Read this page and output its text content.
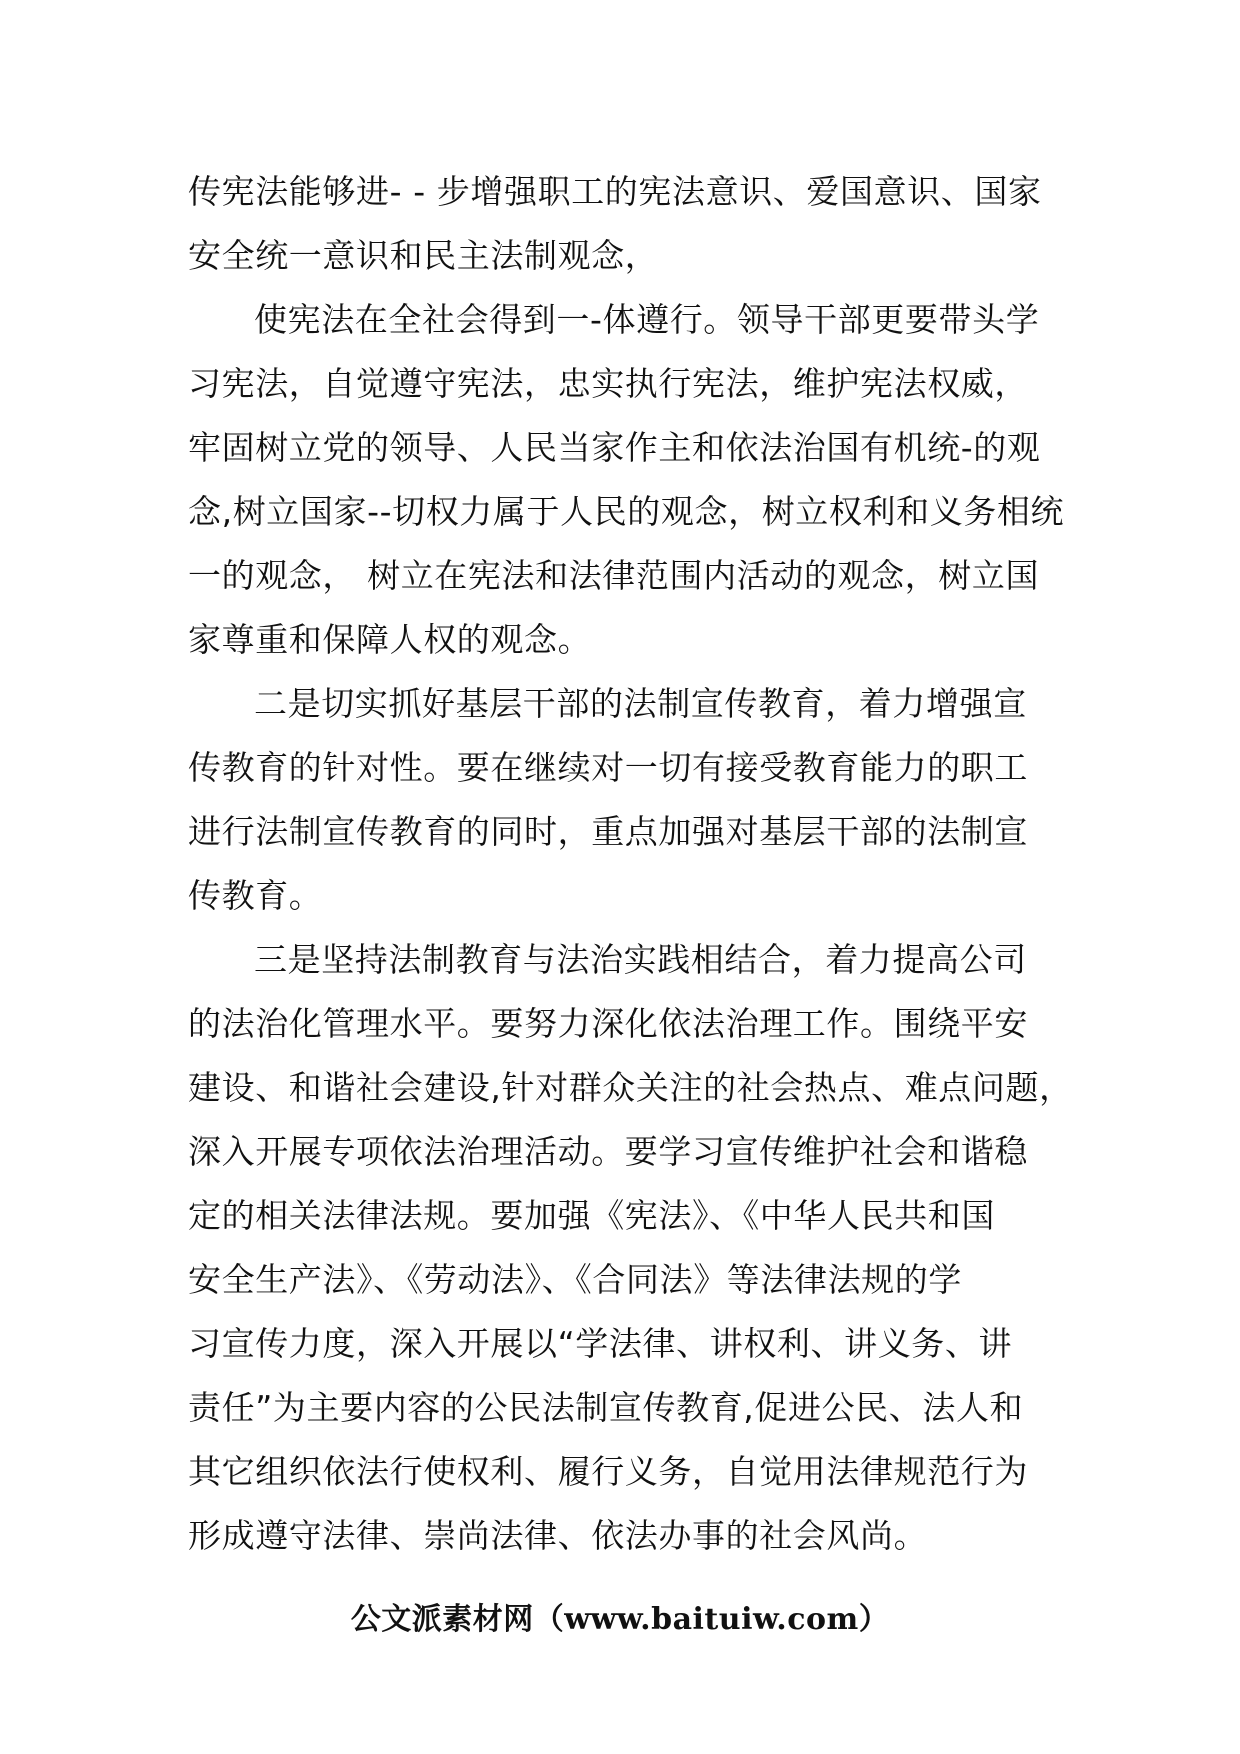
传宪法能够进- - 步增强职工的宪法意识、爱国意识、国家
安全统一意识和民主法制观念，
使宪法在全社会得到一-体遵行。领导干部更要带头学
习宪法，自觉遵守宪法，忠实执行宪法，维护宪法权威，
牢固树立党的领导、人民当家作主和依法治国有机统-的观
念,树立国家--切权力属于人民的观念，树立权利和义务相统
一的观念， 树立在宪法和法律范围内活动的观念，树立国
家尊重和保障人权的观念。
二是切实抓好基层干部的法制宣传教育，着力增强宣
传教育的针对性。要在继续对一切有接受教育能力的职工
进行法制宣传教育的同时，重点加强对基层干部的法制宣
传教育。
三是坚持法制教育与法治实践相结合，着力提高公司
的法治化管理水平。要努力深化依法治理工作。围绕平安
建设、和谐社会建设,针对群众关注的社会热点、难点问题，
深入开展专项依法治理活动。要学习宣传维护社会和谐稳
定的相关法律法规。要加强《宪法》、《中华人民共和国
安全生产法》、《劳动法》、《合同法》等法律法规的学
习宣传力度，深入开展以“学法律、讲权利、讲义务、讲
责任”为主要内容的公民法制宣传教育,促进公民、法人和
其它组织依法行使权利、履行义务，自觉用法律规范行为
形成遵守法律、崇尚法律、依法办事的社会风尚。
公文派素材网（www.baituiw.com）
